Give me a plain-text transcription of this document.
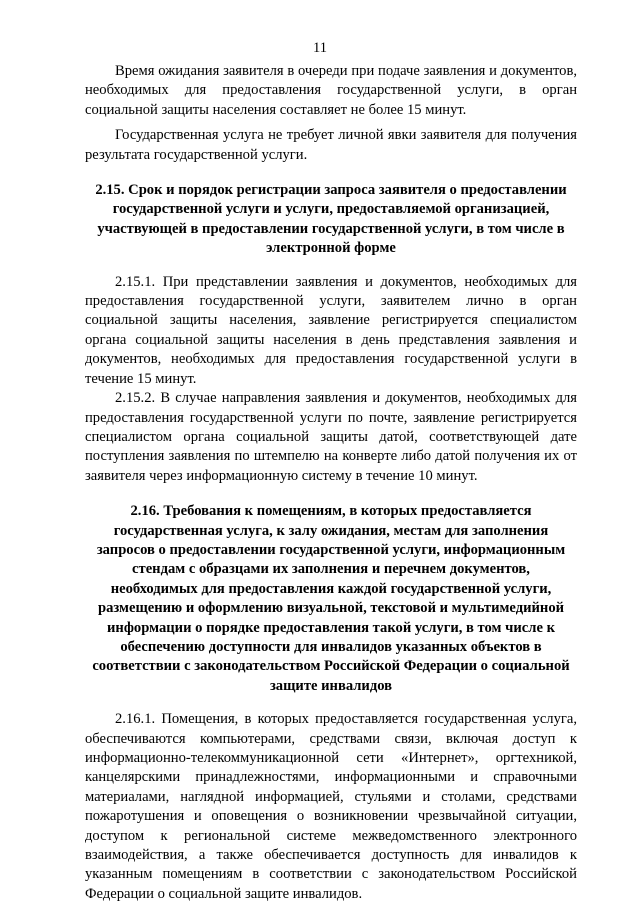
11

Время ожидания заявителя в очереди при подаче заявления и документов, необходимых для предоставления государственной услуги, в орган социальной защиты населения составляет не более 15 минут.

Государственная услуга не требует личной явки заявителя для получения результата государственной услуги.

2.15. Срок и порядок регистрации запроса заявителя о предоставлении государственной услуги и услуги, предоставляемой организацией, участвующей в предоставлении государственной услуги, в том числе в электронной форме

2.15.1. При представлении заявления и документов, необходимых для предоставления государственной услуги, заявителем лично в орган социальной защиты населения, заявление регистрируется специалистом органа социальной защиты населения в день представления заявления и документов, необходимых для предоставления государственной услуги в течение 15 минут.

2.15.2. В случае направления заявления и документов, необходимых для предоставления государственной услуги по почте, заявление регистрируется специалистом органа социальной защиты датой, соответствующей дате поступления заявления по штемпелю на конверте либо датой получения их от заявителя через информационную систему в течение 10 минут.

2.16. Требования к помещениям, в которых предоставляется государственная услуга, к залу ожидания, местам для заполнения запросов о предоставлении государственной услуги, информационным стендам с образцами их заполнения и перечнем документов, необходимых для предоставления каждой государственной услуги, размещению и оформлению визуальной, текстовой и мультимедийной информации о порядке предоставления такой услуги, в том числе к обеспечению доступности для инвалидов указанных объектов в соответствии с законодательством Российской Федерации о социальной защите инвалидов

2.16.1. Помещения, в которых предоставляется государственная услуга, обеспечиваются компьютерами, средствами связи, включая доступ к информационно-телекоммуникационной сети «Интернет», оргтехникой, канцелярскими принадлежностями, информационными и справочными материалами, наглядной информацией, стульями и столами, средствами пожаротушения и оповещения о возникновении чрезвычайной ситуации, доступом к региональной системе межведомственного электронного взаимодействия, а также обеспечивается доступность для инвалидов к указанным помещениям в соответствии с законодательством Российской Федерации о социальной защите инвалидов.
